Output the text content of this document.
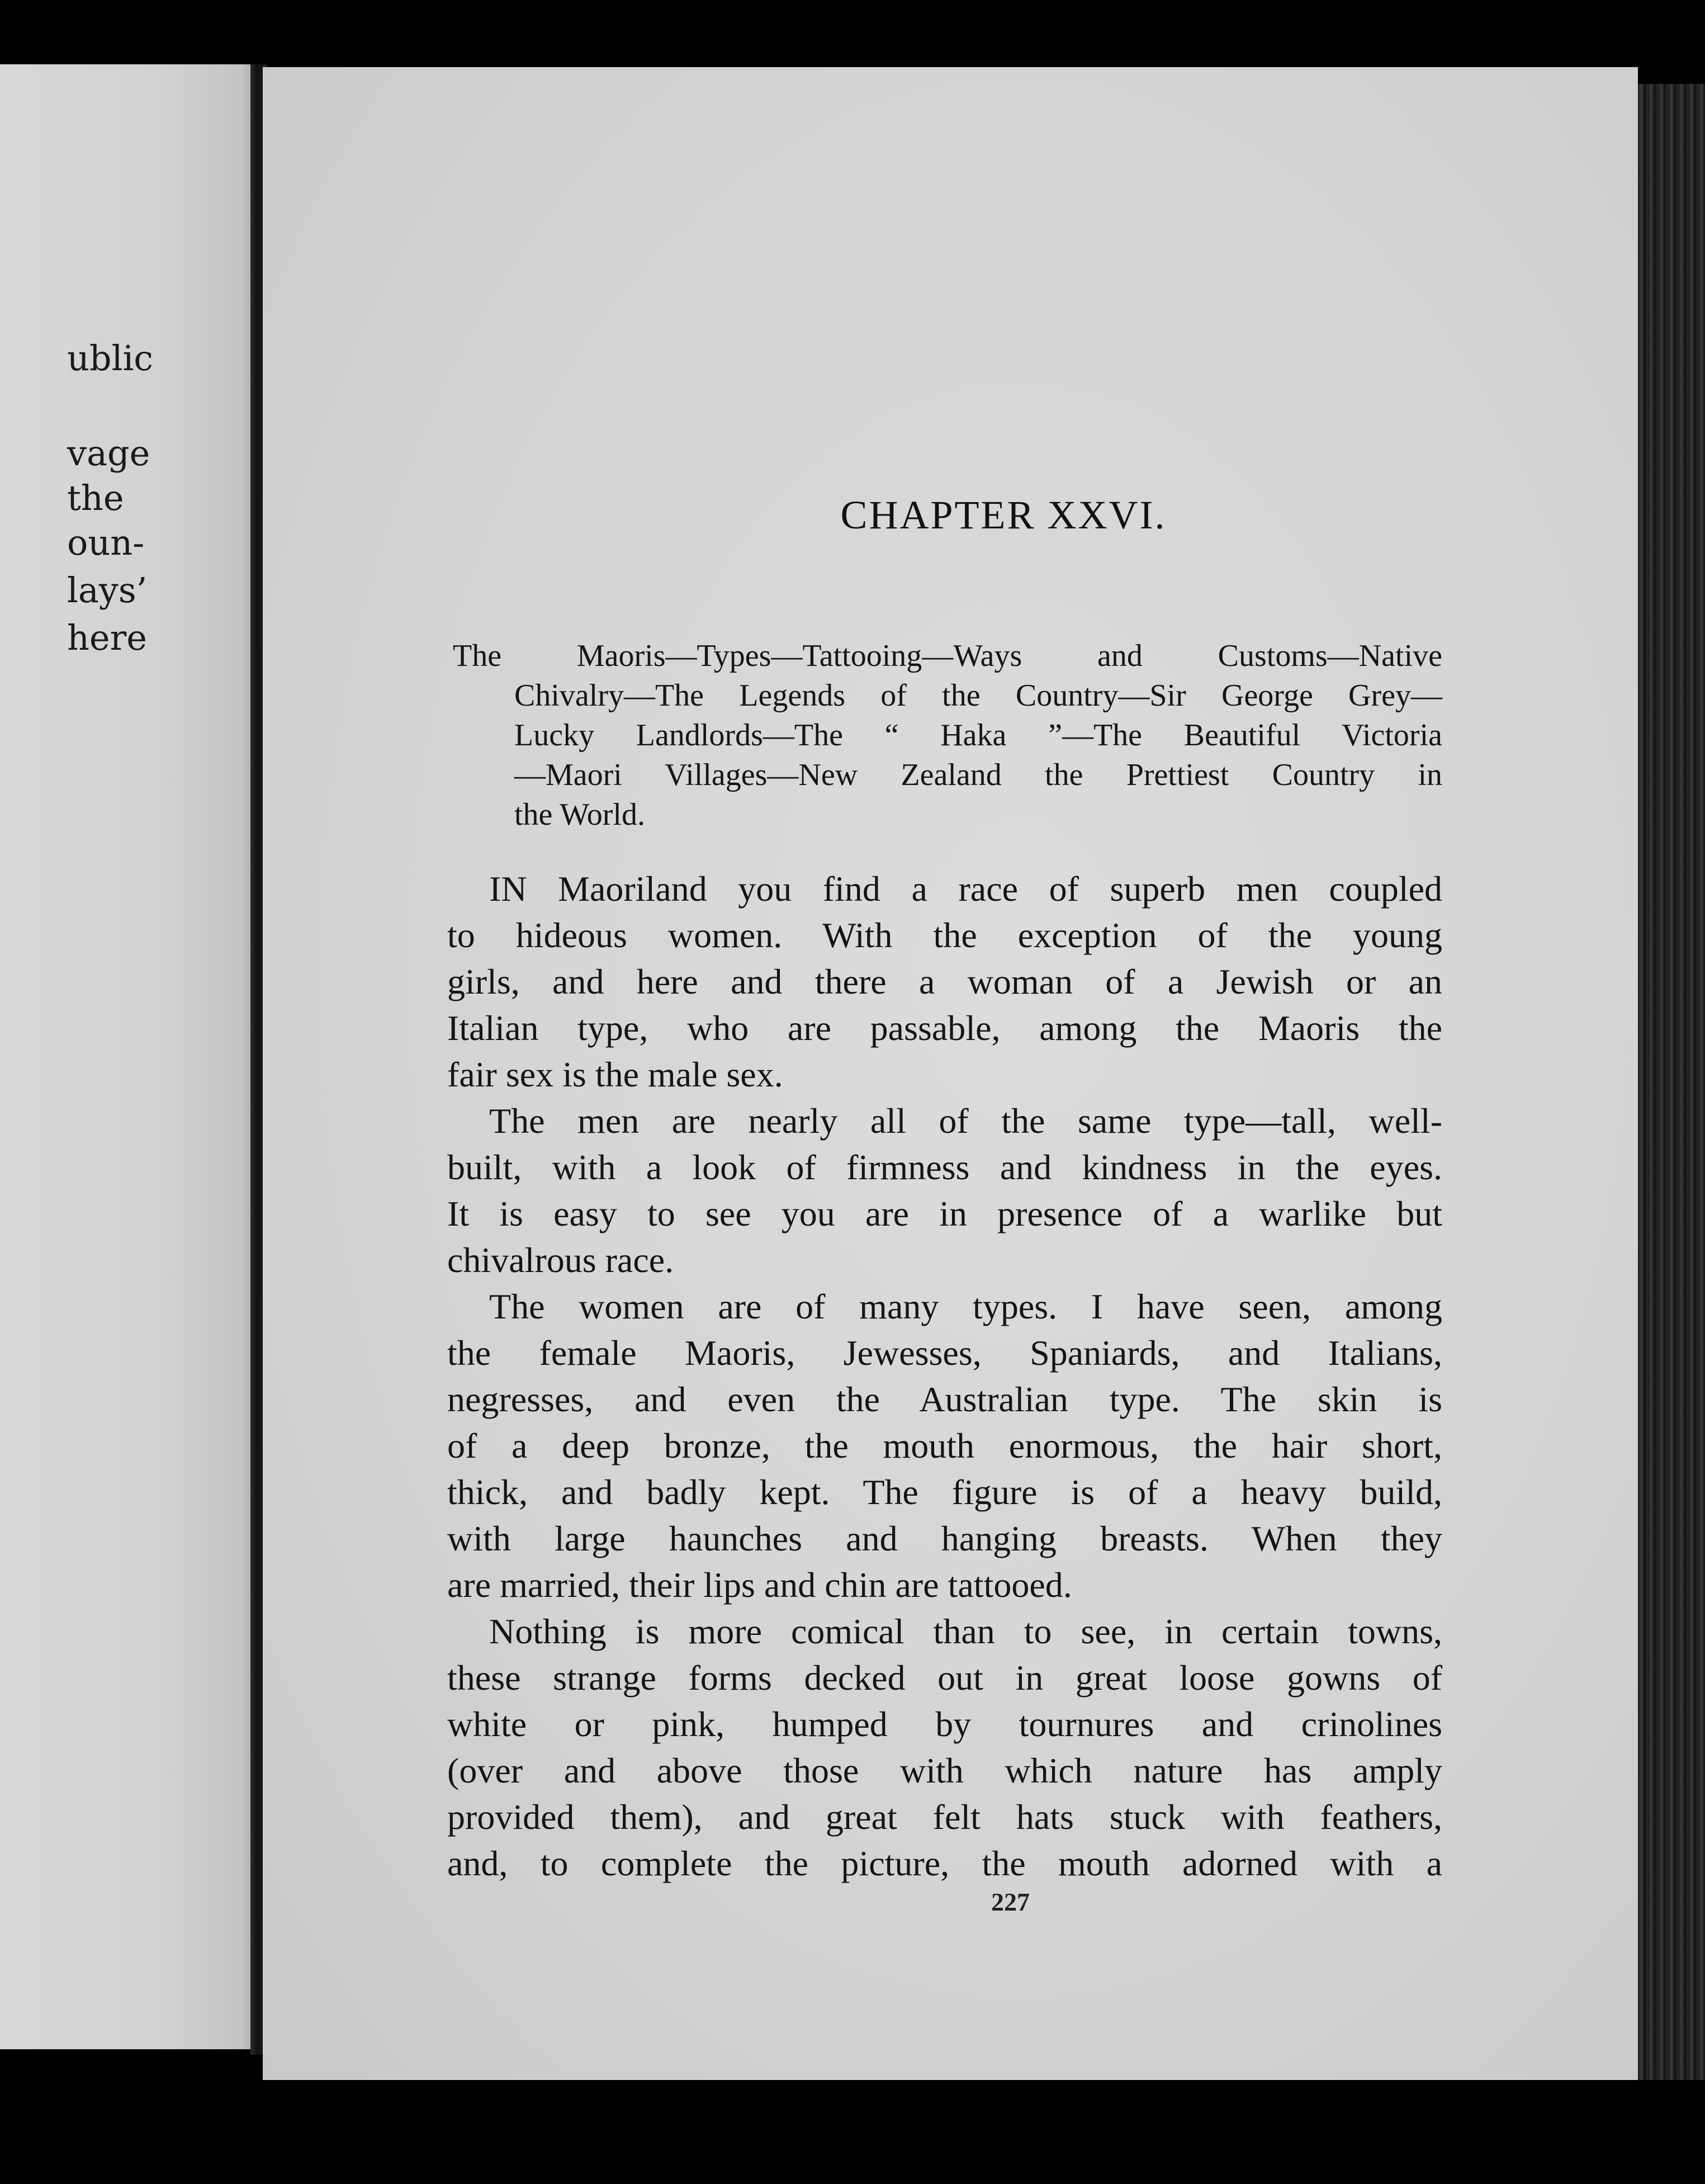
ublic
vage
the
oun-
lays’
here
CHAPTER XXVI.
The Maoris—Types—Tattooing—Ways and Customs—Native
Chivalry—The Legends of the Country—Sir George Grey—
Lucky Landlords—The “ Haka ”—The Beautiful Victoria
—Maori Villages—New Zealand the Prettiest Country in
the World.
IN Maoriland you find a race of superb men coupled
to hideous women. With the exception of the young
girls, and here and there a woman of a Jewish or an
Italian type, who are passable, among the Maoris the
fair sex is the male sex.
The men are nearly all of the same type—tall, well-
built, with a look of firmness and kindness in the eyes.
It is easy to see you are in presence of a warlike but
chivalrous race.
The women are of many types. I have seen, among
the female Maoris, Jewesses, Spaniards, and Italians,
negresses, and even the Australian type. The skin is
of a deep bronze, the mouth enormous, the hair short,
thick, and badly kept. The figure is of a heavy build,
with large haunches and hanging breasts. When they
are married, their lips and chin are tattooed.
Nothing is more comical than to see, in certain towns,
these strange forms decked out in great loose gowns of
white or pink, humped by tournures and crinolines
(over and above those with which nature has amply
provided them), and great felt hats stuck with feathers,
and, to complete the picture, the mouth adorned with a
227
